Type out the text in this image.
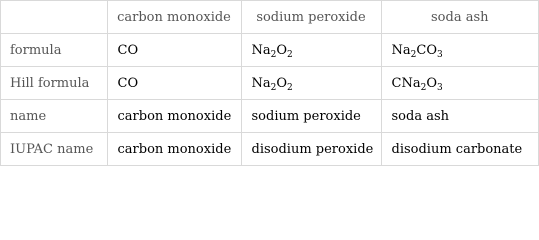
	carbon monoxide	sodium peroxide	soda ash
formula	CO	$Na_2O_2$	$Na_2CO_3$
Hill formula	CO	$Na_2O_2$	$CNa_2O_3$
name	carbon monoxide	sodium peroxide	soda ash
IUPAC name	carbon monoxide	disodium peroxide	disodium carbonate
